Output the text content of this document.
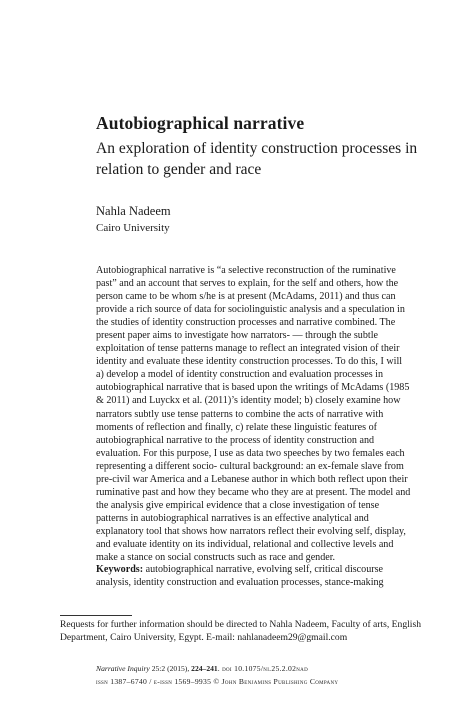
Autobiographical narrative
An exploration of identity construction processes in relation to gender and race
Nahla Nadeem
Cairo University
Autobiographical narrative is “a selective reconstruction of the ruminative past” and an account that serves to explain, for the self and others, how the person came to be whom s/he is at present (McAdams, 2011) and thus can provide a rich source of data for sociolinguistic analysis and a speculation in the studies of identity construction processes and narrative combined. The present paper aims to investigate how narrators- — through the subtle exploitation of tense patterns manage to reflect an integrated vision of their identity and evaluate these identity construction processes. To do this, I will a) develop a model of identity construction and evaluation processes in autobiographical narrative that is based upon the writings of McAdams (1985 & 2011) and Luyckx et al. (2011)’s identity model; b) closely examine how narrators subtly use tense patterns to combine the acts of narrative with moments of reflection and finally, c) relate these linguistic features of autobiographical narrative to the process of identity construction and evaluation. For this purpose, I use as data two speeches by two females each representing a different socio- cultural background: an ex-female slave from pre-civil war America and a Lebanese author in which both reflect upon their ruminative past and how they became who they are at present. The model and the analysis give empirical evidence that a close investigation of tense patterns in autobiographical narratives is an effective analytical and explanatory tool that shows how narrators reflect their evolving self, display, and evaluate identity on its individual, relational and collective levels and make a stance on social constructs such as race and gender.
Keywords: autobiographical narrative, evolving self, critical discourse analysis, identity construction and evaluation processes, stance-making
Requests for further information should be directed to Nahla Nadeem, Faculty of arts, English Department, Cairo University, Egypt. E-mail: nahlanadeem29@gmail.com
Narrative Inquiry 25:2 (2015), 224–241. doi 10.1075/ni.25.2.02nad
issn 1387–6740 / e-issn 1569–9935 © John Benjamins Publishing Company
